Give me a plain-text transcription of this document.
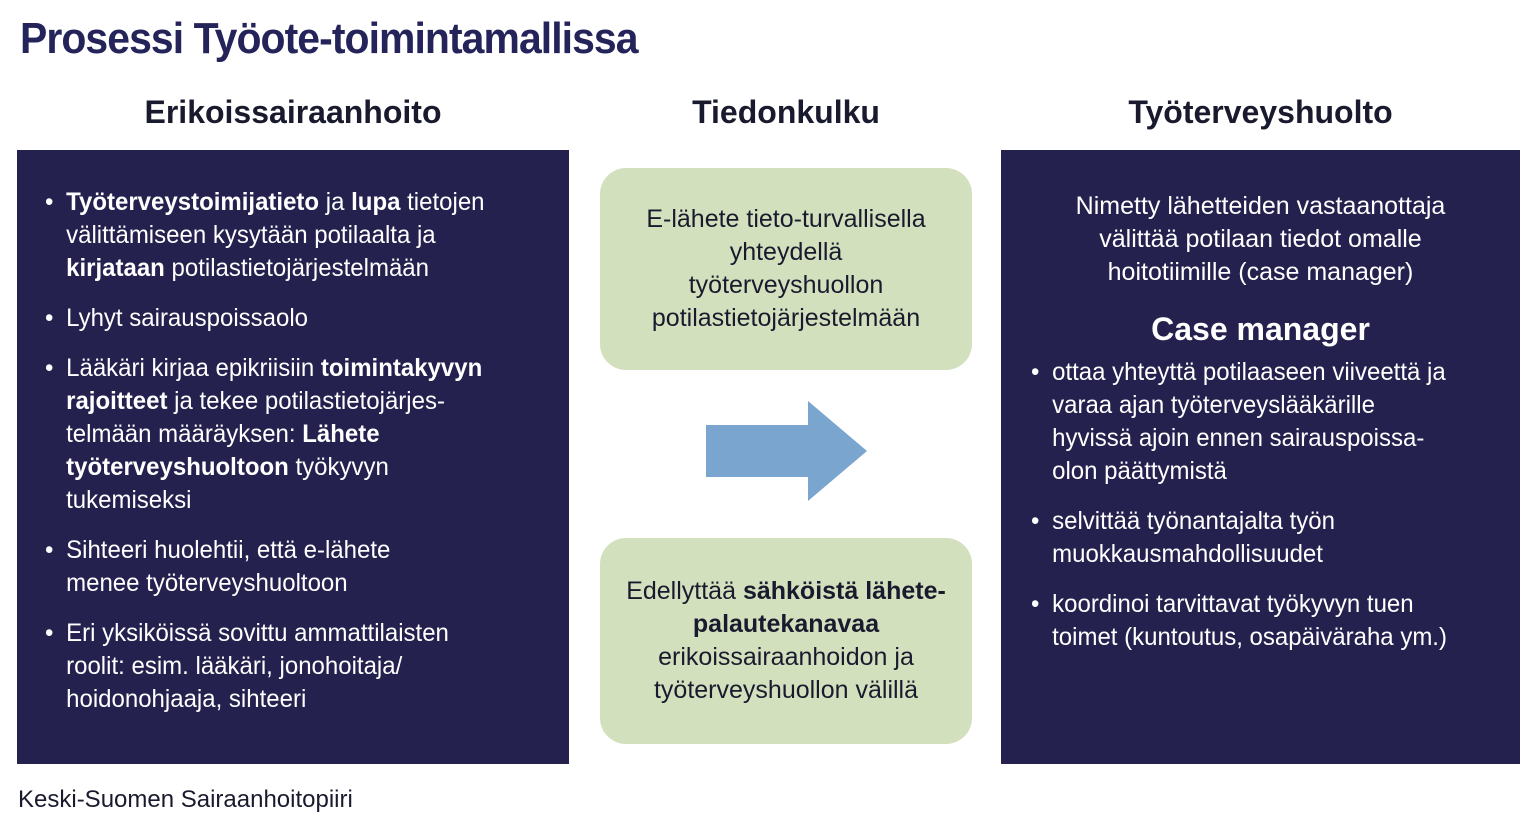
Prosessi Työote-toimintamallissa
Erikoissairaanhoito	Tiedonkulku	Työterveyshuolto
• Työterveystoimijatieto ja lupa tietojen välittämiseen kysytään potilaalta ja kirjataan potilastietojärjestelmään
• Lyhyt sairauspoissaolo
• Lääkäri kirjaa epikriisiin toimintakyvyn rajoitteet ja tekee potilastietojärjes-telmään määräyksen: Lähete työterveyshuoltoon työkyvyn tukemiseksi
• Sihteeri huolehtii, että e-lähete menee työterveyshuoltoon
• Eri yksiköissä sovittu ammattilaisten roolit: esim. lääkäri, jonohoitaja/ hoidonohjaaja, sihteeri
E-lähete tieto-turvallisella yhteydellä työterveyshuollon potilastietojärjestelmään
Edellyttää sähköistä lähete-palautekanavaa erikoissairaanhoidon ja työterveyshuollon välillä
Nimetty lähetteiden vastaanottaja välittää potilaan tiedot omalle hoitotiimille (case manager)
Case manager
• ottaa yhteyttä potilaaseen viiveettä ja varaa ajan työterveyslääkärille hyvissä ajoin ennen sairauspoissa-olon päättymistä
• selvittää työnantajalta työn muokkausmahdollisuudet
• koordinoi tarvittavat työkyvyn tuen toimet (kuntoutus, osapäiväraha ym.)
Keski-Suomen Sairaanhoitopiiri
